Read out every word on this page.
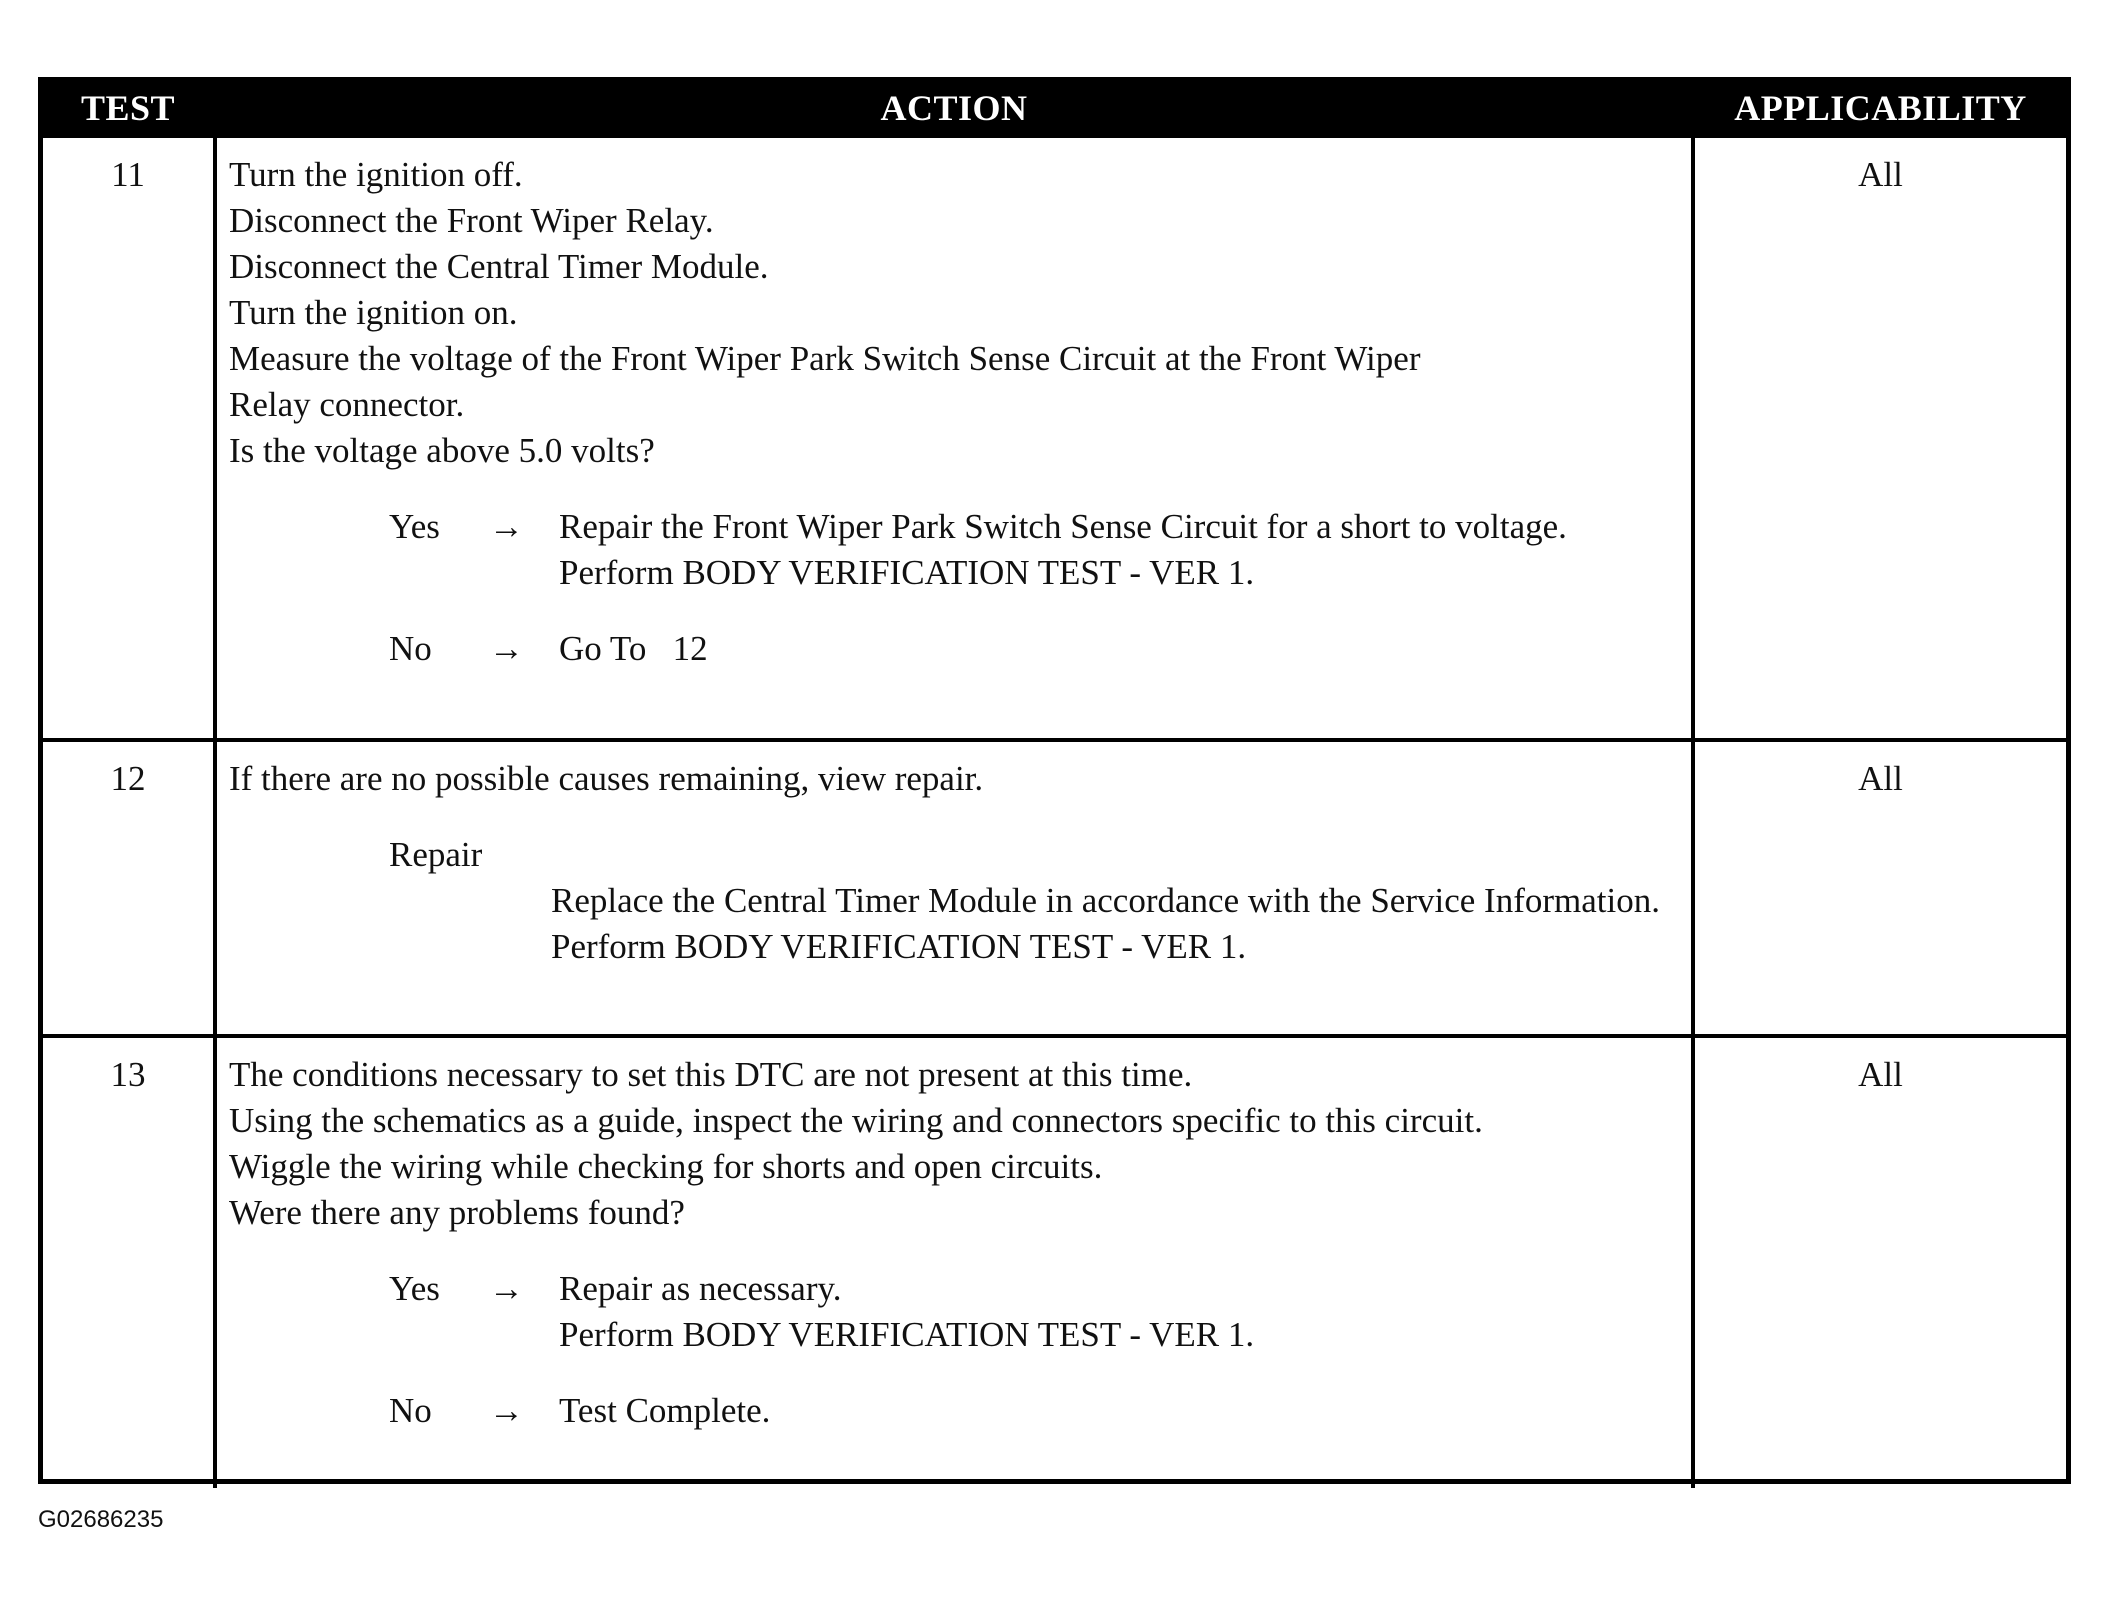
TEST	ACTION	APPLICABILITY
11	Turn the ignition off.
Disconnect the Front Wiper Relay.
Disconnect the Central Timer Module.
Turn the ignition on.
Measure the voltage of the Front Wiper Park Switch Sense Circuit at the Front Wiper
Relay connector.
Is the voltage above 5.0 volts?
Yes	→	Repair the Front Wiper Park Switch Sense Circuit for a short to voltage.
Perform BODY VERIFICATION TEST - VER 1.
No	→	Go To   12
All
12	If there are no possible causes remaining, view repair.
Repair
Replace the Central Timer Module in accordance with the Service Information.
Perform BODY VERIFICATION TEST - VER 1.
All
13	The conditions necessary to set this DTC are not present at this time.
Using the schematics as a guide, inspect the wiring and connectors specific to this circuit.
Wiggle the wiring while checking for shorts and open circuits.
Were there any problems found?
Yes	→	Repair as necessary.
Perform BODY VERIFICATION TEST - VER 1.
No	→	Test Complete.
All
G02686235
